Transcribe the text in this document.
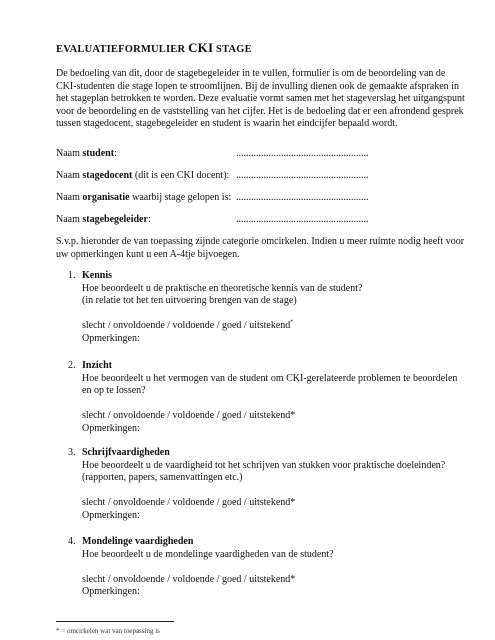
EVALUATIEFORMULIER CKI STAGE
De bedoeling van dit, door de stagebegeleider in te vullen, formulier is om de beoordeling van de CKI-studenten die stage lopen te stroomlijnen. Bij de invulling dienen ook de gemaakte afspraken in het stageplan betrokken te worden. Deze evaluatie vormt samen met het stageverslag het uitgangspunt voor de beoordeling en de vaststelling van het cijfer. Het is de bedoeling dat er een afrondend gesprek tussen stagedocent, stagebegeleider en student is waarin het eindcijfer bepaald wordt.
Naam student:	.....................................................
Naam stagedocent (dit is een CKI docent): .....................................................
Naam organisatie waarbij stage gelopen is: .....................................................
Naam stagebegeleider:	.....................................................
S.v.p. hieronder de van toepassing zijnde categorie omcirkelen. Indien u meer ruimte nodig heeft voor uw opmerkingen kunt u een A-4tje bijvoegen.
1. Kennis
Hoe beoordeelt u de praktische en theoretische kennis van de student?
(in relatie tot het ten uitvoering brengen van de stage)
slecht / onvoldoende / voldoende / goed / uitstekend*
Opmerkingen:
2. Inzicht
Hoe beoordeelt u het vermogen van de student om CKI-gerelateerde problemen te beoordelen en op te lossen?
slecht / onvoldoende / voldoende / goed / uitstekend*
Opmerkingen:
3. Schrijfvaardigheden
Hoe beoordeelt u de vaardigheid tot het schrijven van stukken voor praktische doeleinden?
(rapporten, papers, samenvattingen etc.)
slecht / onvoldoende / voldoende / goed / uitstekend*
Opmerkingen:
4. Mondelinge vaardigheden
Hoe beoordeelt u de mondelinge vaardigheden van de student?
slecht / onvoldoende / voldoende / goed / uitstekend*
Opmerkingen:
* = omcirkelen wat van toepassing is
